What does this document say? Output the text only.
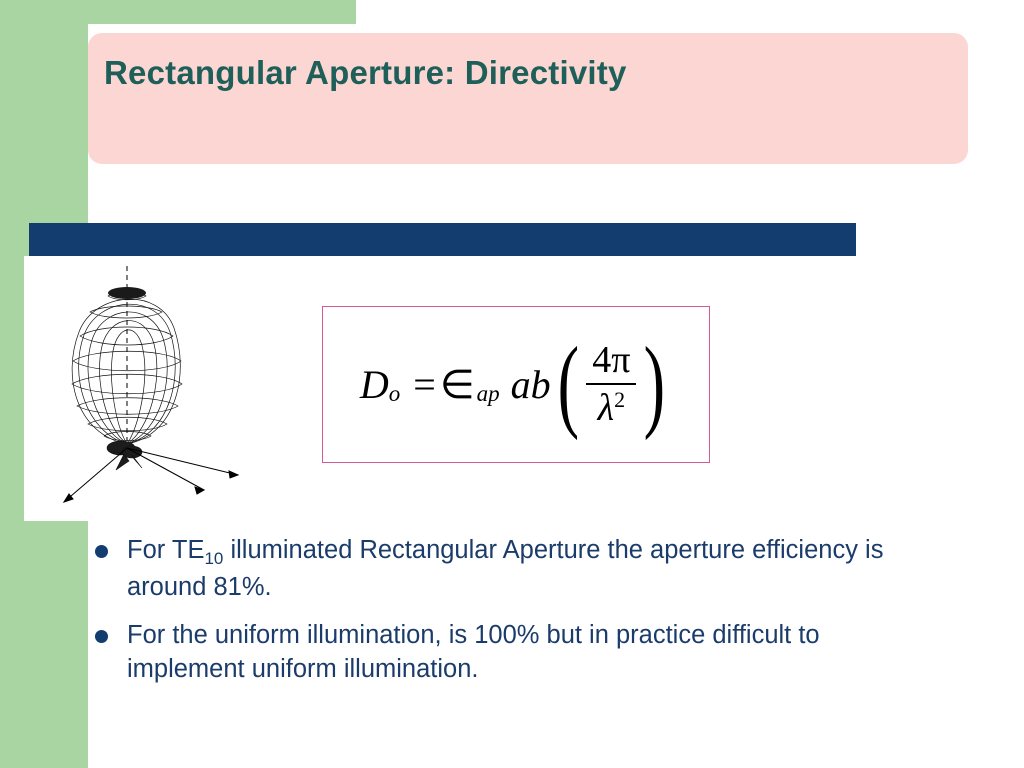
Rectangular Aperture: Directivity
D o = ∈ ap ab ( $\frac{4\pi}{\lambda^2}$ )
For $TE_{10}$ illuminated Rectangular Aperture the aperture efficiency is around 81%.
For the uniform illumination, is 100% but in practice difficult to implement uniform illumination.
